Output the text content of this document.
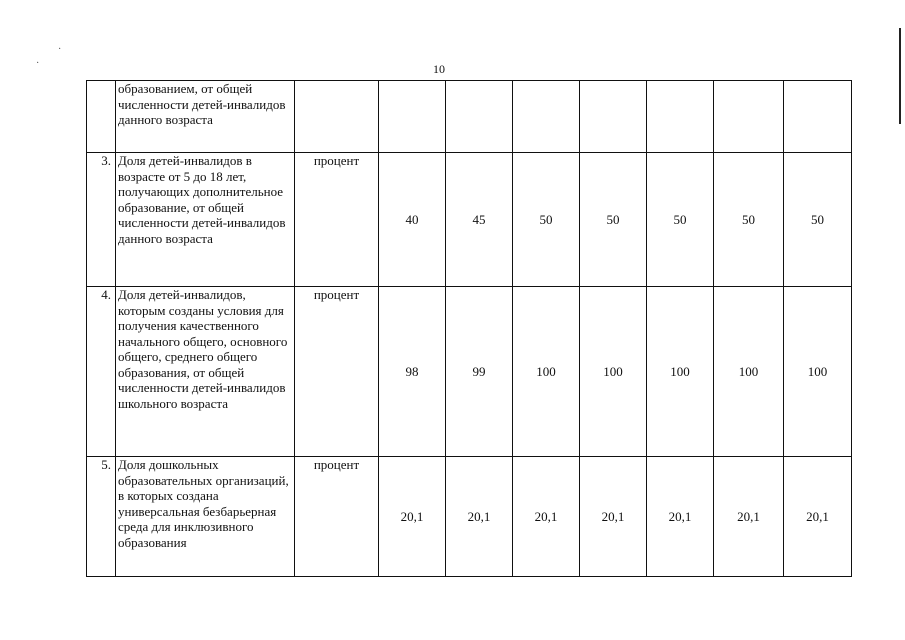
10
·
·
	образованием, от общей численности детей-инвалидов данного возраста								
3.	Доля детей-инвалидов в возрасте от 5 до 18 лет, получающих дополнительное образование, от общей численности детей-инвалидов данного возраста	процент	40	45	50	50	50	50	50
4.	Доля детей-инвалидов, которым созданы условия для получения качественного начального общего, основного общего, среднего общего образования, от общей численности детей-инвалидов школьного возраста	процент	98	99	100	100	100	100	100
5.	Доля дошкольных образовательных организаций, в которых создана универсальная безбарьерная среда для инклюзивного образования	процент	20,1	20,1	20,1	20,1	20,1	20,1	20,1
